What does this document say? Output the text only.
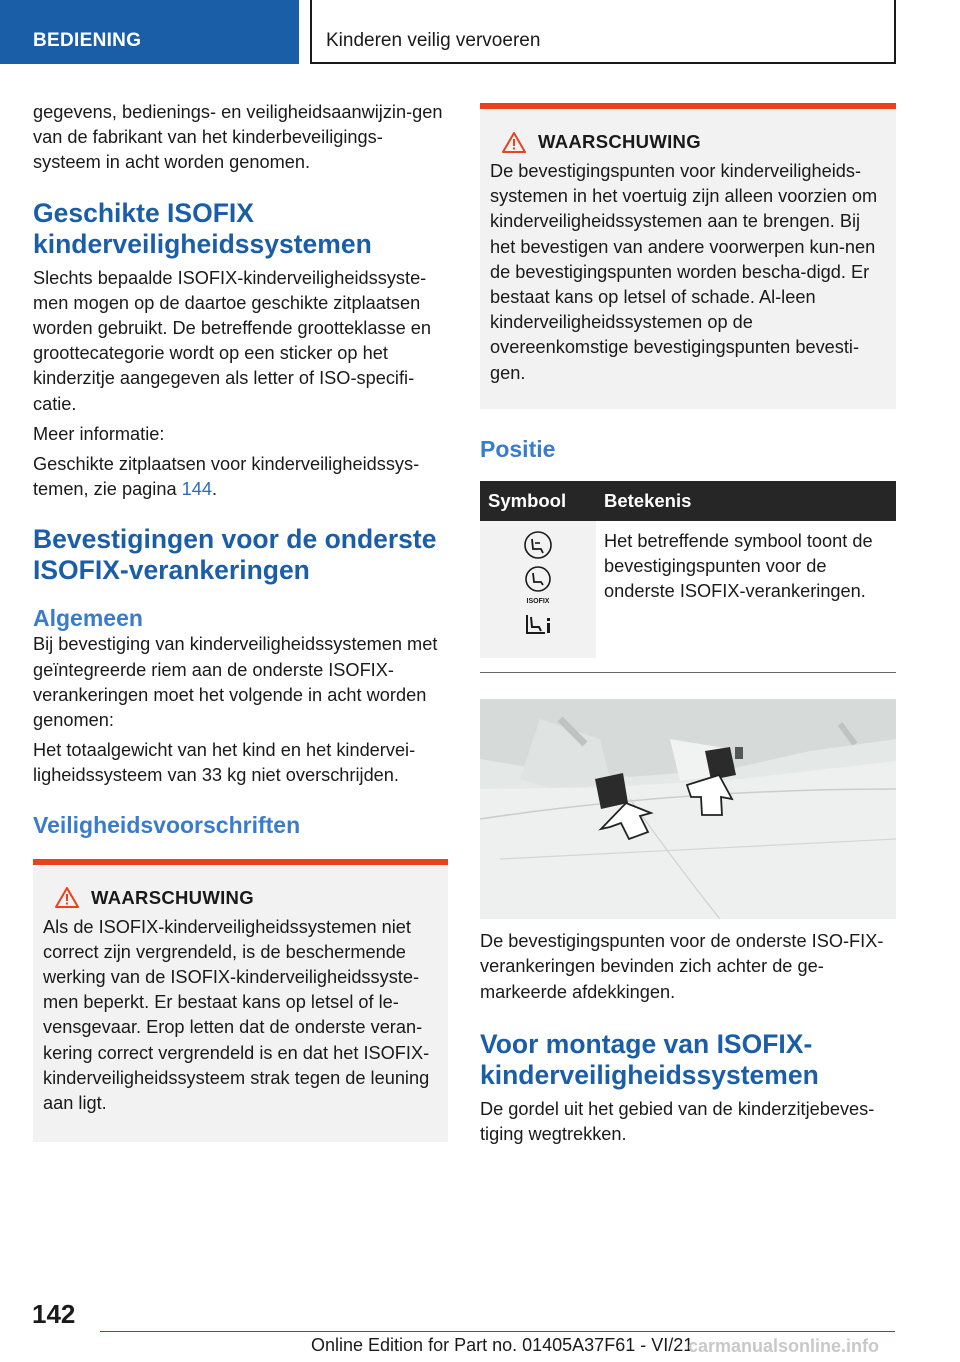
BEDIENING	Kinderen veilig vervoeren
gegevens, bedienings- en veiligheidsaanwijzin-gen van de fabrikant van het kinderbeveiligings-systeem in acht worden genomen.
Geschikte ISOFIX kinderveiligheidssystemen
Slechts bepaalde ISOFIX-kinderveiligheidssyste-men mogen op de daartoe geschikte zitplaatsen worden gebruikt. De betreffende grootteklasse en groottecategorie wordt op een sticker op het kinderzitje aangegeven als letter of ISO-specifi-catie.
Meer informatie:
Geschikte zitplaatsen voor kinderveiligheidssys-temen, zie pagina 144.
Bevestigingen voor de onderste ISOFIX-verankeringen
Algemeen
Bij bevestiging van kinderveiligheidssystemen met geïntegreerde riem aan de onderste ISOFIX-verankeringen moet het volgende in acht worden genomen:
Het totaalgewicht van het kind en het kindervei-ligheidssysteem van 33 kg niet overschrijden.
Veiligheidsvoorschriften
WAARSCHUWING
Als de ISOFIX-kinderveiligheidssystemen niet correct zijn vergrendeld, is de beschermende werking van de ISOFIX-kinderveiligheidssyste-men beperkt. Er bestaat kans op letsel of le-vensgevaar. Erop letten dat de onderste veran-kering correct vergrendeld is en dat het ISOFIX-kinderveiligheidssysteem strak tegen de leuning aan ligt.
WAARSCHUWING
De bevestigingspunten voor kinderveiligheids-systemen in het voertuig zijn alleen voorzien om kinderveiligheidssystemen aan te brengen. Bij het bevestigen van andere voorwerpen kun-nen de bevestigingspunten worden bescha-digd. Er bestaat kans op letsel of schade. Al-leen kinderveiligheidssystemen op de overeenkomstige bevestigingspunten bevesti-gen.
Positie
Symbool	Betekenis

ISOFIX	Het betreffende symbool toont de bevestigingspunten voor de onderste ISOFIX-verankeringen.
De bevestigingspunten voor de onderste ISO-FIX-verankeringen bevinden zich achter de ge-markeerde afdekkingen.
Voor montage van ISOFIX-kinderveiligheidssystemen
De gordel uit het gebied van de kinderzitjebeves-tiging wegtrekken.
142
Online Edition for Part no. 01405A37F61 - VI/21
carmanualsonline.info
